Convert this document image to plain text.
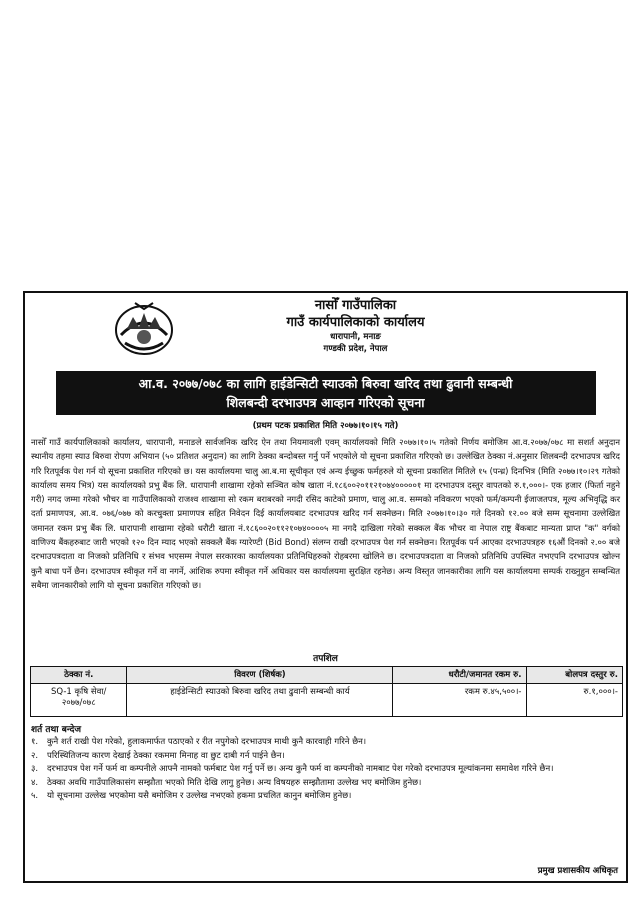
नासोँ गाउँपालिका
गाउँ कार्यपालिकाको कार्यालय
धारापानी, मनाङ
गण्डकी प्रदेश, नेपाल
आ.व. २०७७/०७८ का लागि हाईडेन्सिटी स्याउको बिरुवा खरिद तथा ढुवानी सम्बन्धी
शिलबन्दी दरभाउपत्र आव्हान गरिएको सूचना
(प्रथम पटक प्रकाशित मिति २०७७।१०।१५ गते)
नासोँ गाउँ कार्यपालिकाको कार्यालय, धारापानी, मनाङले सार्वजनिक खरिद ऐन तथा नियमावली एवम् कार्यालयको मिति २०७७।१०।५ गतेको निर्णय बमोजिम आ.व.२०७७/०७८ मा सशर्त अनुदान स्थानीय तहमा स्याउ बिरुवा रोपण अभियान (५० प्रतिशत अनुदान) का लागि ठेक्का बन्दोबस्त गर्नु पर्ने भएकोले यो सूचना प्रकाशित गरिएको छ। उल्लेखित ठेक्का नं.अनुसार शिलबन्दी दरभाउपत्र खरिद गरि रितपूर्वक पेश गर्न यो सूचना प्रकाशित गरिएको छ। यस कार्यालयमा चालु आ.ब.मा सूचीकृत एवं अन्य ईच्छुक फर्महरुले यो सूचना प्रकाशित मितिले १५ (पन्ध्र) दिनभित्र (मिति २०७७।१०।२९ गतेको कार्यालय समय भित्र) यस कार्यालयको प्रभु बैंक लि. धारापानी शाखामा रहेको सञ्चित कोष खाता नं.१८६००२०११२१०७४०००००१ मा दरभाउपत्र दस्तुर वापतको रु.१,०००।- एक हजार (फिर्ता नहुने गरी) नगद जम्मा गरेको भौचर वा गाउँपालिकाको राजश्व शाखामा सो रकम बराबरको नगदी रसिद काटेको प्रमाण, चालु आ.व. सम्मको नविकरण भएको फर्म/कम्पनी ईजाजतपत्र, मूल्य अभिवृद्धि कर दर्ता प्रमाणपत्र, आ.व. ०७६/०७७ को करचुक्ता प्रमाणपत्र सहित निवेदन दिई कार्यालयबाट दरभाउपत्र खरिद गर्न सक्नेछन। मिति २०७७।१०।३० गते दिनको १२.०० बजे सम्म सूचनामा उल्लेखित जमानत रकम प्रभु बैंक लि. धारापानी शाखामा रहेको धरौटी खाता नं.१८६००२०११२१०७४००००५ मा नगदै दाखिला गरेको सक्कल बैंक भौचर वा नेपाल राष्ट्र बैंकबाट मान्यता प्राप्त "क" वर्गको वाणिज्य बैंकहरुबाट जारी भएको १२० दिन म्याद भएको सक्कलै बैंक ग्यारेण्टी (Bid Bond) संलग्न राखी दरभाउपत्र पेश गर्न सक्नेछन। रितपूर्वक पर्न आएका दरभाउपत्रहरु १६औं दिनको २.०० बजे दरभाउपत्रदाता वा निजको प्रतिनिधि र संभव भएसम्म नेपाल सरकारका कार्यालयका प्रतिनिधिहरुको रोहबरमा खोलिने छ। दरभाउपत्रदाता वा निजको प्रतिनिधि उपस्थित नभएपनि दरभाउपत्र खोल्न कुनै बाधा पर्ने छैन। दरभाउपत्र स्वीकृत गर्ने वा नगर्ने, आंशिक रुपमा स्वीकृत गर्ने अधिकार यस कार्यालयमा सुरक्षित रहनेछ। अन्य विस्तृत जानकारीका लागि यस कार्यालयमा सम्पर्क राख्नुहुन सम्बन्धित सबैमा जानकारीको लागि यो सूचना प्रकाशित गरिएको छ।
तपशिल
ठेक्का नं.	विवरण (शिर्षक)	धरौटी/जमानत रकम रु.	बोलपत्र दस्तुर रु.
SQ-1 कृषि सेवा/ २०७७/०७८	हाईडेन्सिटी स्याउको बिरुवा खरिद तथा ढुवानी सम्बन्धी कार्य	रकम रु.४५,५००।-	रु.१,०००।-
शर्त तथा बन्देज
१.	कुनै शर्त राखी पेश गरेको, हुलाकमार्फत पठाएको र रीत नपुगेको दरभाउपत्र माथी कुनै कारवाही गरिने छैन।
२.	परिस्थितिजन्य कारण देखाई ठेक्का रकममा मिनाह वा छुट दाबी गर्न पाईने छैन।
३.	दरभाउपत्र पेश गर्ने फर्म वा कम्पनीले आफ्नै नामको फर्मबाट पेश गर्नु पर्ने छ। अन्य कुनै फर्म वा कम्पनीको नामबाट पेश गरेको दरभाउपत्र मूल्यांकनमा समावेश गरिने छैन।
४.	ठेक्का अवधि गाउँपालिकासंग सम्झौता भएको मिति देखि लागु हुनेछ। अन्य विषयहरु सम्झौतामा उल्लेख भए बमोजिम हुनेछ।
५.	यो सूचनामा उल्लेख भएकोमा यसै बमोजिम र उल्लेख नभएको हकमा प्रचलित कानुन बमोजिम हुनेछ।
प्रमुख प्रशासकीय अधिकृत
